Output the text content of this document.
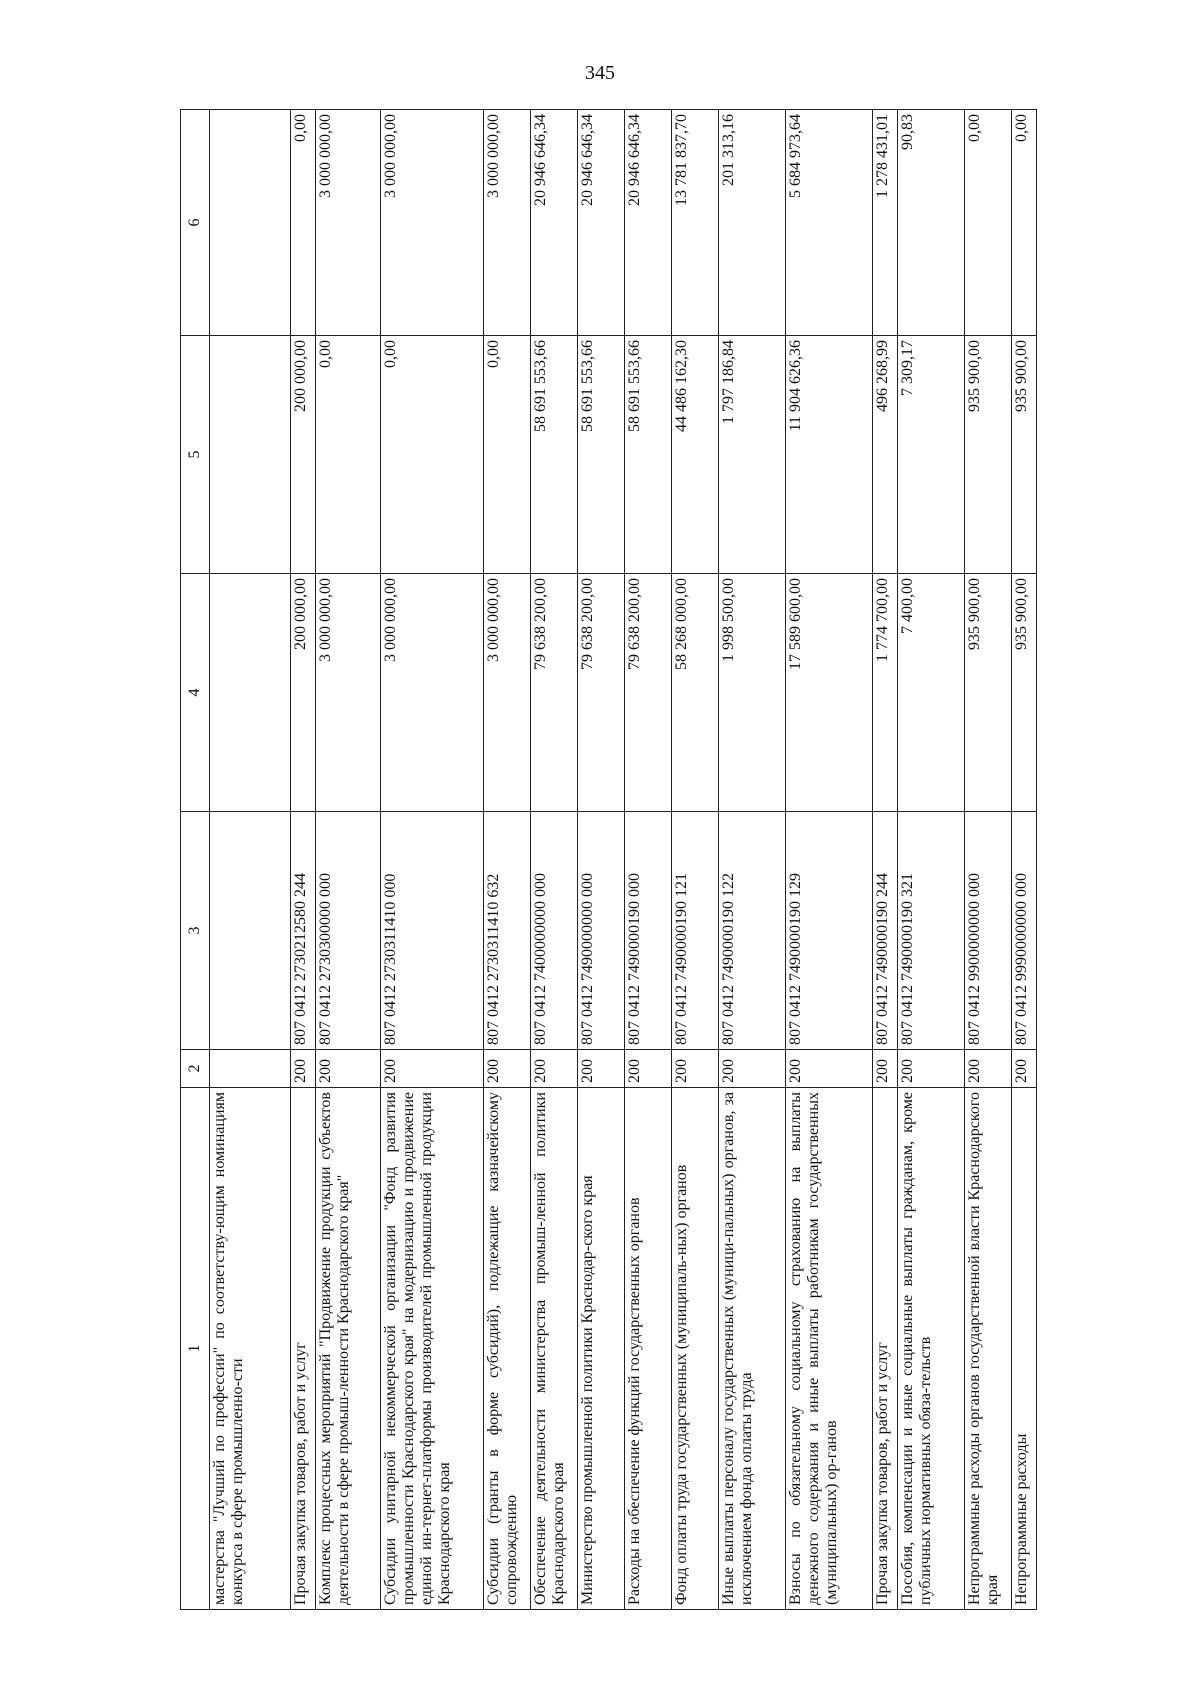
345
1	2	3	4	5	6
мастерства "Лучший по профессии" по соответству-ющим номинациям конкурса в сфере промышленно-сти					
Прочая закупка товаров, работ и услуг	200	807 0412 2730212580 244	200 000,00	200 000,00	0,00
Комплекс процессных мероприятий "Продвижение продукции субъектов деятельности в сфере промыш-ленности Краснодарского края"	200	807 0412 2730300000 000	3 000 000,00	0,00	3 000 000,00
Субсидии унитарной некоммерческой организации "Фонд развития промышленности Краснодарского края" на модернизацию и продвижение единой ин-тернет-платформы производителей промышленной продукции Краснодарского края	200	807 0412 2730311410 000	3 000 000,00	0,00	3 000 000,00
Субсидии (гранты в форме субсидий), подлежащие казначейскому сопровождению	200	807 0412 2730311410 632	3 000 000,00	0,00	3 000 000,00
Обеспечение деятельности министерства промыш-ленной политики Краснодарского края	200	807 0412 7400000000 000	79 638 200,00	58 691 553,66	20 946 646,34
Министерство промышленной политики Краснодар-ского края	200	807 0412 7490000000 000	79 638 200,00	58 691 553,66	20 946 646,34
Расходы на обеспечение функций государственных органов	200	807 0412 7490000190 000	79 638 200,00	58 691 553,66	20 946 646,34
Фонд оплаты труда государственных (муниципаль-ных) органов	200	807 0412 7490000190 121	58 268 000,00	44 486 162,30	13 781 837,70
Иные выплаты персоналу государственных (муници-пальных) органов, за исключением фонда оплаты труда	200	807 0412 7490000190 122	1 998 500,00	1 797 186,84	201 313,16
Взносы по обязательному социальному страхованию на выплаты денежного содержания и иные выплаты работникам государственных (муниципальных) ор-ганов	200	807 0412 7490000190 129	17 589 600,00	11 904 626,36	5 684 973,64
Прочая закупка товаров, работ и услуг	200	807 0412 7490000190 244	1 774 700,00	496 268,99	1 278 431,01
Пособия, компенсации и иные социальные выплаты гражданам, кроме публичных нормативных обяза-тельств	200	807 0412 7490000190 321	7 400,00	7 309,17	90,83
Непрограммные расходы органов государственной власти Краснодарского края	200	807 0412 9900000000 000	935 900,00	935 900,00	0,00
Непрограммные расходы	200	807 0412 9990000000 000	935 900,00	935 900,00	0,00
